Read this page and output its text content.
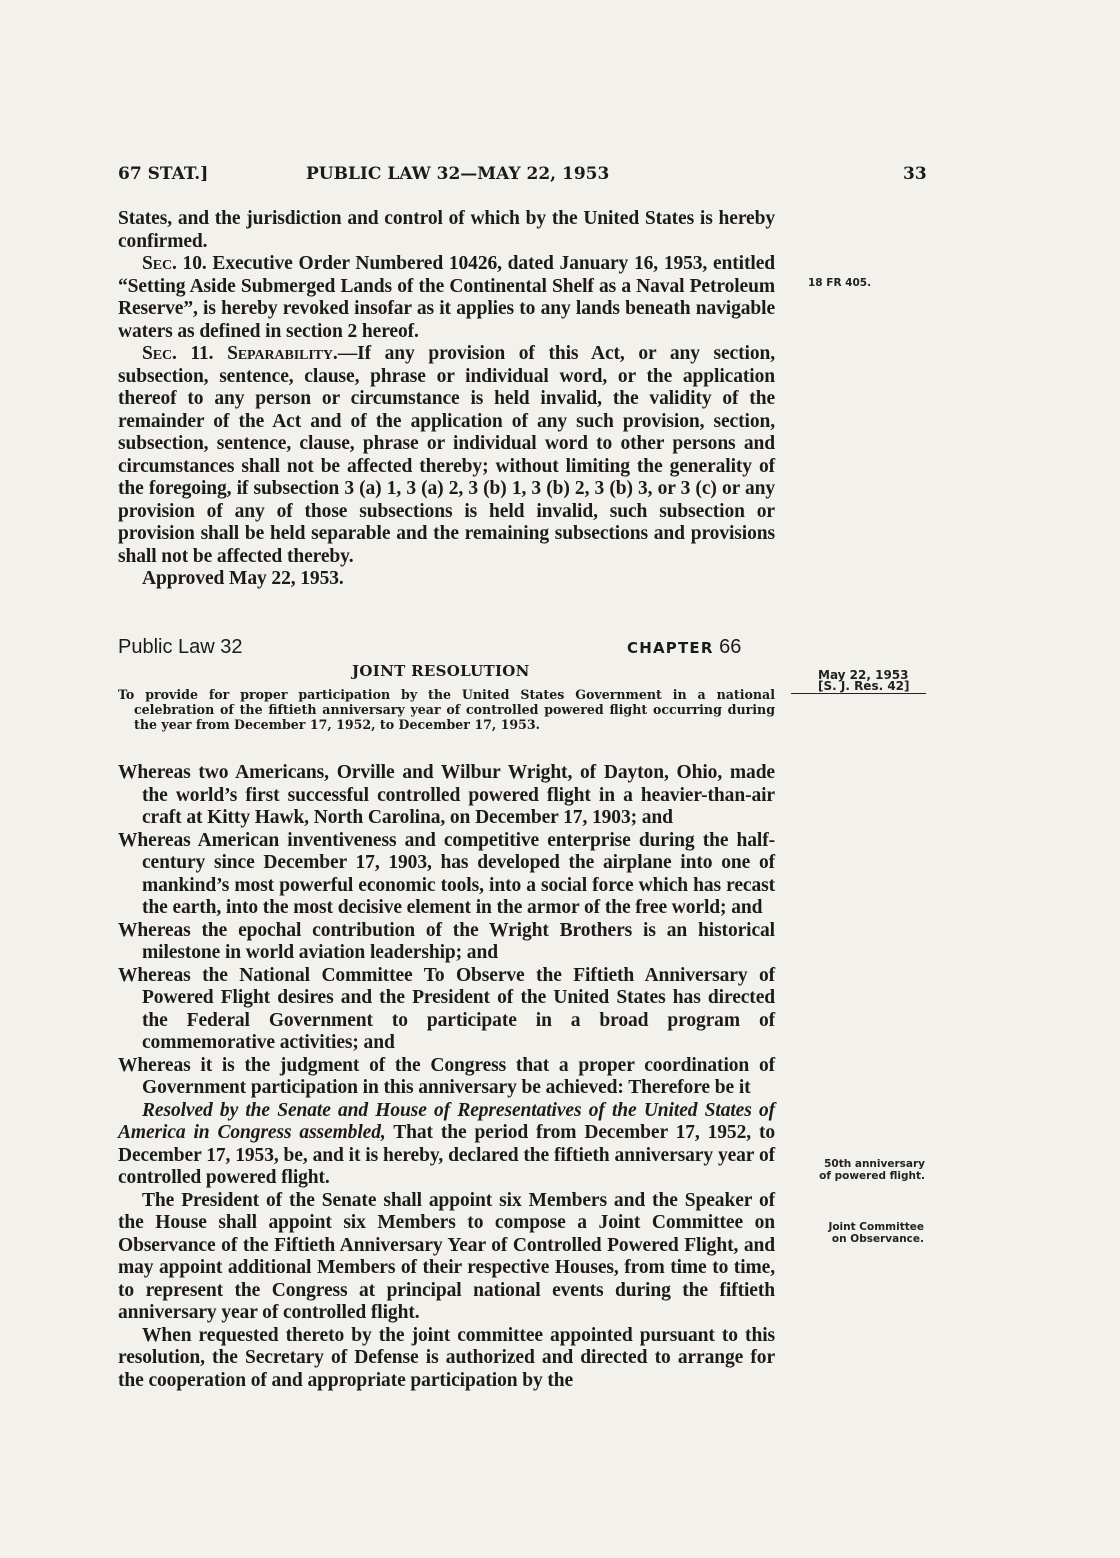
67 STAT.]	PUBLIC LAW 32—MAY 22, 1953	33

States, and the jurisdiction and control of which by the United States is hereby confirmed.

Sec. 10. Executive Order Numbered 10426, dated January 16, 1953, entitled “Setting Aside Submerged Lands of the Continental Shelf as a Naval Petroleum Reserve”, is hereby revoked insofar as it applies to any lands beneath navigable waters as defined in section 2 hereof.

Sec. 11. Separability.—If any provision of this Act, or any section, subsection, sentence, clause, phrase or individual word, or the application thereof to any person or circumstance is held invalid, the validity of the remainder of the Act and of the application of any such provision, section, subsection, sentence, clause, phrase or individual word to other persons and circumstances shall not be affected thereby; without limiting the generality of the foregoing, if subsection 3 (a) 1, 3 (a) 2, 3 (b) 1, 3 (b) 2, 3 (b) 3, or 3 (c) or any provision of any of those subsections is held invalid, such subsection or provision shall be held separable and the remaining subsections and provisions shall not be affected thereby.

Approved May 22, 1953.

18 FR 405.
May 22, 1953
[S. J. Res. 42]
50th anniversary
of powered flight.
Joint Committee
on Observance.
Public Law 32	CHAPTER 66
JOINT RESOLUTION

To provide for proper participation by the United States Government in a national celebration of the fiftieth anniversary year of controlled powered flight occurring during the year from December 17, 1952, to December 17, 1953.

Whereas two Americans, Orville and Wilbur Wright, of Dayton, Ohio, made the world’s first successful controlled powered flight in a heavier-than-air craft at Kitty Hawk, North Carolina, on December 17, 1903; and

Whereas American inventiveness and competitive enterprise during the half-century since December 17, 1903, has developed the airplane into one of mankind’s most powerful economic tools, into a social force which has recast the earth, into the most decisive element in the armor of the free world; and

Whereas the epochal contribution of the Wright Brothers is an historical milestone in world aviation leadership; and

Whereas the National Committee To Observe the Fiftieth Anniversary of Powered Flight desires and the President of the United States has directed the Federal Government to participate in a broad program of commemorative activities; and

Whereas it is the judgment of the Congress that a proper coordination of Government participation in this anniversary be achieved: Therefore be it

Resolved by the Senate and House of Representatives of the United States of America in Congress assembled, That the period from December 17, 1952, to December 17, 1953, be, and it is hereby, declared the fiftieth anniversary year of controlled powered flight.

The President of the Senate shall appoint six Members and the Speaker of the House shall appoint six Members to compose a Joint Committee on Observance of the Fiftieth Anniversary Year of Controlled Powered Flight, and may appoint additional Members of their respective Houses, from time to time, to represent the Congress at principal national events during the fiftieth anniversary year of controlled flight.

When requested thereto by the joint committee appointed pursuant to this resolution, the Secretary of Defense is authorized and directed to arrange for the cooperation of and appropriate participation by the
